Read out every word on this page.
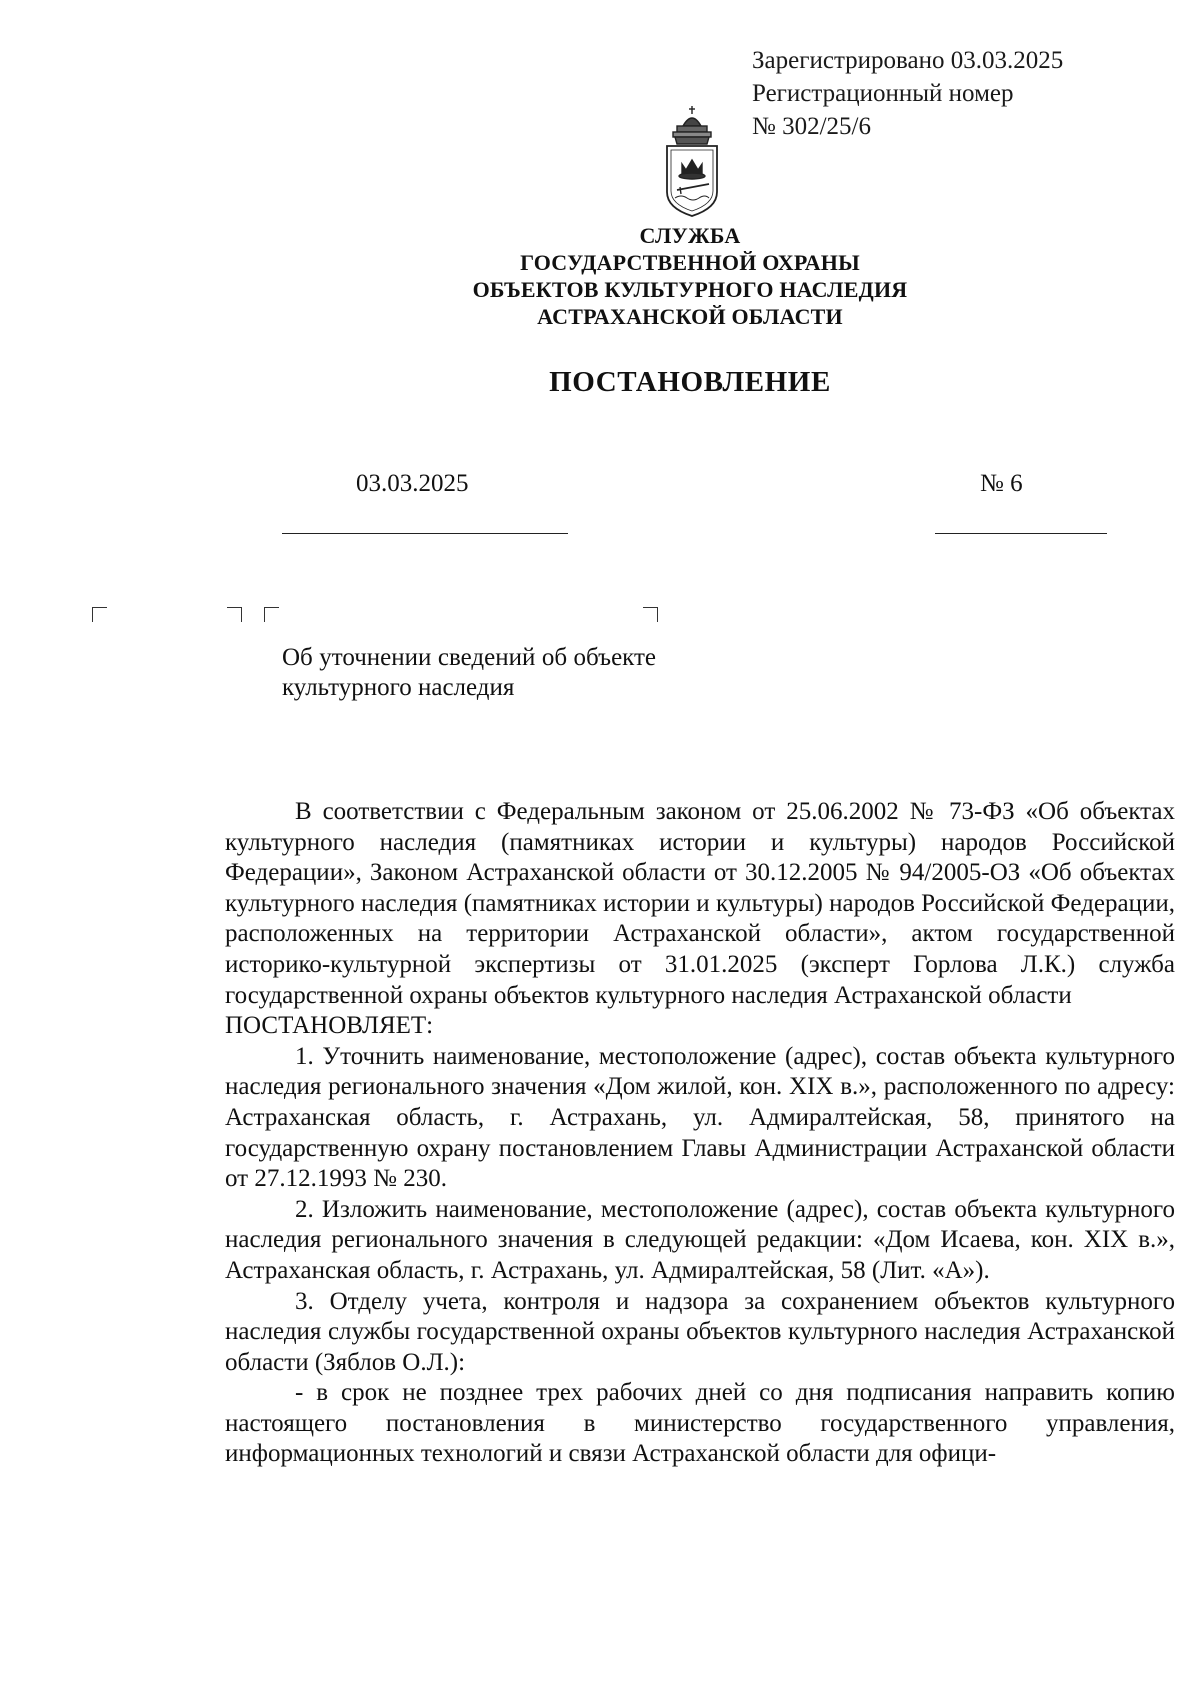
Зарегистрировано 03.03.2025
Регистрационный номер
№ 302/25/6
СЛУЖБА
ГОСУДАРСТВЕННОЙ ОХРАНЫ
ОБЪЕКТОВ КУЛЬТУРНОГО НАСЛЕДИЯ
АСТРАХАНСКОЙ ОБЛАСТИ
ПОСТАНОВЛЕНИЕ
03.03.2025	№ 6
Об уточнении сведений об объекте культурного наследия

В соответствии с Федеральным законом от 25.06.2002 № 73-ФЗ «Об объектах культурного наследия (памятниках истории и культуры) народов Российской Федерации», Законом Астраханской области от 30.12.2005 № 94/2005-ОЗ «Об объектах культурного наследия (памятниках истории и культуры) народов Российской Федерации, расположенных на территории Астраханской области», актом государственной историко-культурной экспертизы от 31.01.2025 (эксперт Горлова Л.К.) служба государственной охраны объектов культурного наследия Астраханской области

ПОСТАНОВЛЯЕТ:

1. Уточнить наименование, местоположение (адрес), состав объекта культурного наследия регионального значения «Дом жилой, кон. XIX в.», расположенного по адресу: Астраханская область, г. Астрахань, ул. Адмиралтейская, 58, принятого на государственную охрану постановлением Главы Администрации Астраханской области от 27.12.1993 № 230.

2. Изложить наименование, местоположение (адрес), состав объекта культурного наследия регионального значения в следующей редакции: «Дом Исаева, кон. XIX в.», Астраханская область, г. Астрахань, ул. Адмиралтейская, 58 (Лит. «А»).

3. Отделу учета, контроля и надзора за сохранением объектов культурного наследия службы государственной охраны объектов культурного наследия Астраханской области (Зяблов О.Л.):

- в срок не позднее трех рабочих дней со дня подписания направить копию настоящего постановления в министерство государственного управления, информационных технологий и связи Астраханской области для офици-
